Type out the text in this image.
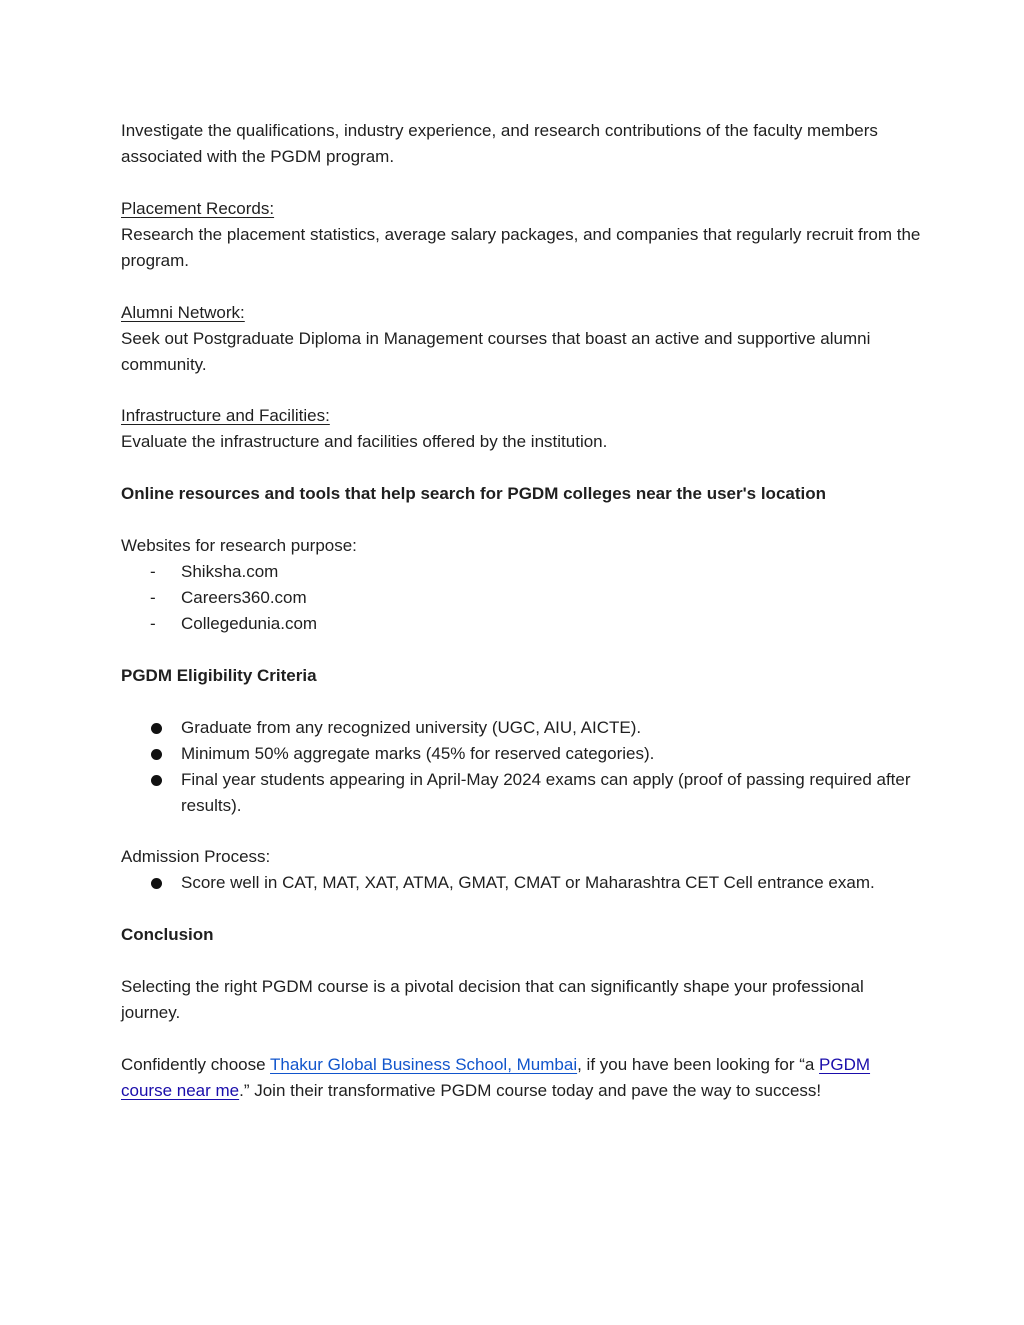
Investigate the qualifications, industry experience, and research contributions of the faculty members associated with the PGDM program.

Placement Records:

Research the placement statistics, average salary packages, and companies that regularly recruit from the program.

Alumni Network:

Seek out Postgraduate Diploma in Management courses that boast an active and supportive alumni community.

Infrastructure and Facilities:

Evaluate the infrastructure and facilities offered by the institution.

Online resources and tools that help search for PGDM colleges near the user's location

Websites for research purpose:

- Shiksha.com
- Careers360.com
- Collegedunia.com

PGDM Eligibility Criteria

Graduate from any recognized university (UGC, AIU, AICTE).
Minimum 50% aggregate marks (45% for reserved categories).
Final year students appearing in April-May 2024 exams can apply (proof of passing required after results).

Admission Process:

Score well in CAT, MAT, XAT, ATMA, GMAT, CMAT or Maharashtra CET Cell entrance exam.

Conclusion

Selecting the right PGDM course is a pivotal decision that can significantly shape your professional journey.

Confidently choose Thakur Global Business School, Mumbai, if you have been looking for “a PGDM course near me.” Join their transformative PGDM course today and pave the way to success!
